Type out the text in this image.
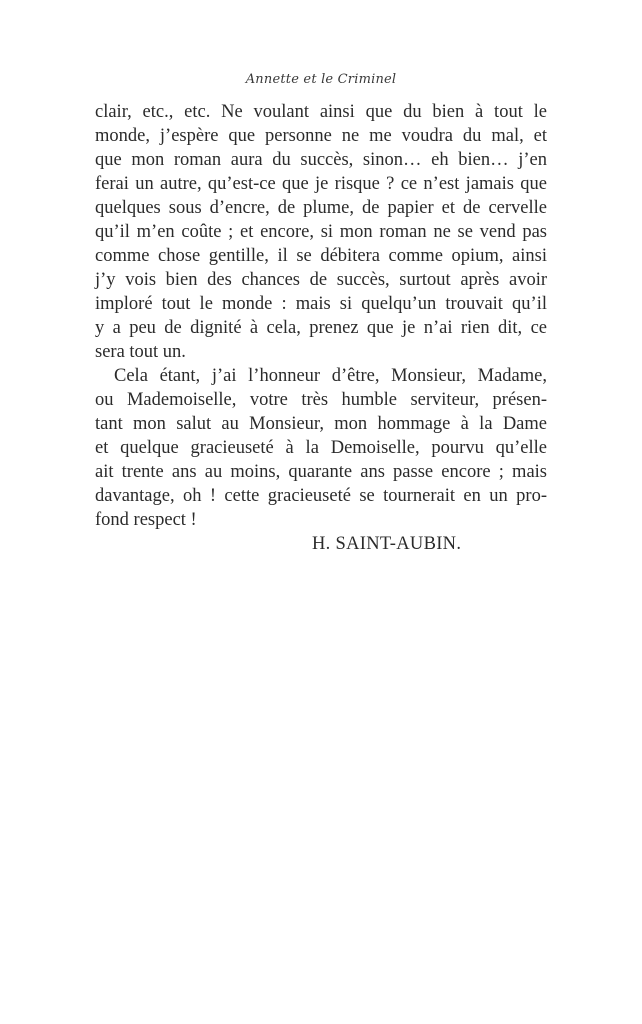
Annette et le Criminel
clair, etc., etc. Ne voulant ainsi que du bien à tout le
monde, j’espère que personne ne me voudra du mal, et
que mon roman aura du succès, sinon… eh bien… j’en
ferai un autre, qu’est-ce que je risque ? ce n’est jamais que
quelques sous d’encre, de plume, de papier et de cervelle
qu’il m’en coûte ; et encore, si mon roman ne se vend pas
comme chose gentille, il se débitera comme opium, ainsi
j’y vois bien des chances de succès, surtout après avoir
imploré tout le monde : mais si quelqu’un trouvait qu’il
y a peu de dignité à cela, prenez que je n’ai rien dit, ce
sera tout un.
Cela étant, j’ai l’honneur d’être, Monsieur, Madame,
ou Mademoiselle, votre très humble serviteur, présen-
tant mon salut au Monsieur, mon hommage à la Dame
et quelque gracieuseté à la Demoiselle, pourvu qu’elle
ait trente ans au moins, quarante ans passe encore ; mais
davantage, oh ! cette gracieuseté se tournerait en un pro-
fond respect !
H. SAINT-AUBIN.
